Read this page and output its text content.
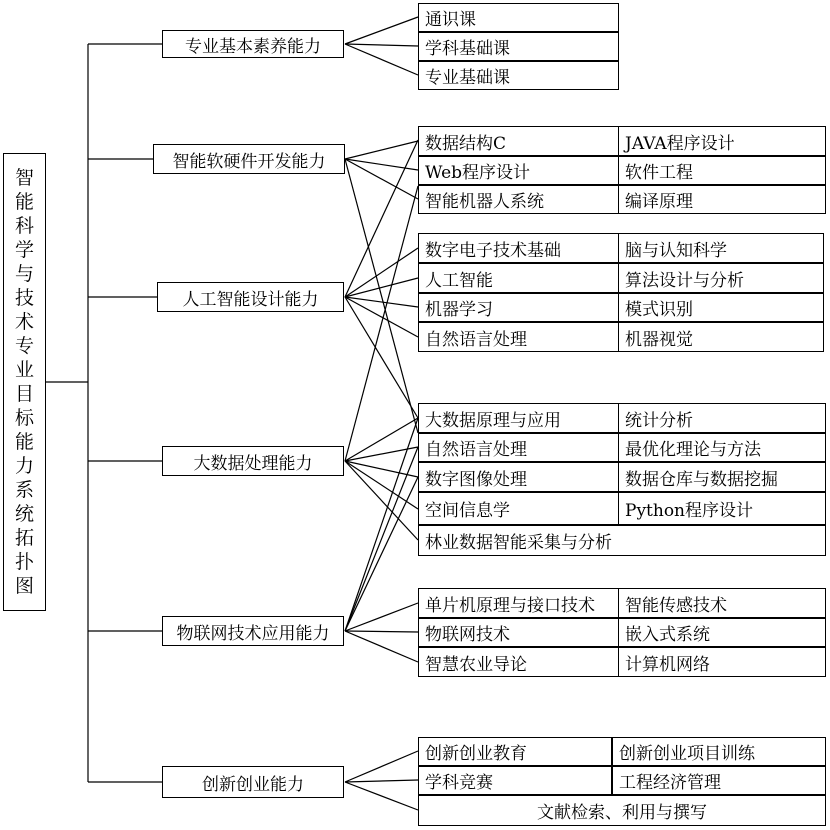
智
能
科
学
与
技
术
专
业
目
标
能
力
系
统
拓
扑
图
专业基本素养能力
智能软硬件开发能力
人工智能设计能力
大数据处理能力
物联网技术应用能力
创新创业能力
通识课
学科基础课
专业基础课
数据结构C	JAVA程序设计
Web程序设计	软件工程
智能机器人系统	编译原理
数字电子技术基础	脑与认知科学
人工智能	算法设计与分析
机器学习	模式识别
自然语言处理	机器视觉
大数据原理与应用	统计分析
自然语言处理	最优化理论与方法
数字图像处理	数据仓库与数据挖掘
空间信息学	Python程序设计
林业数据智能采集与分析
单片机原理与接口技术 智能传感技术
物联网技术	嵌入式系统
智慧农业导论	计算机网络
创新创业教育	创新创业项目训练
学科竞赛	工程经济管理
文献检索、利用与撰写
